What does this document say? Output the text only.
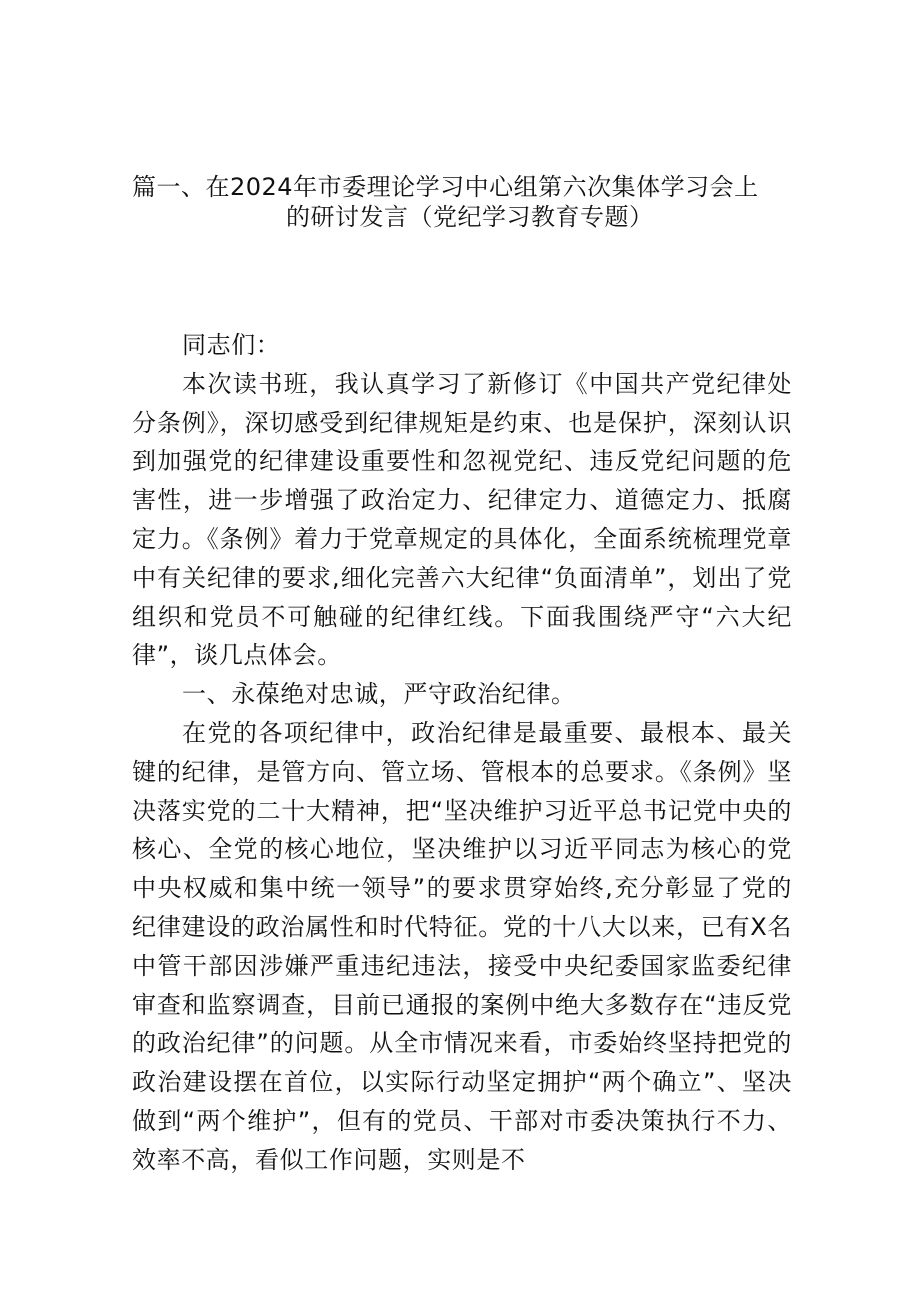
篇一、在2024年市委理论学习中心组第六次集体学习会上
的研讨发言（党纪学习教育专题）

同志们：

本次读书班，我认真学习了新修订《中国共产党纪律处分条例》，深切感受到纪律规矩是约束、也是保护，深刻认识到加强党的纪律建设重要性和忽视党纪、违反党纪问题的危害性，进一步增强了政治定力、纪律定力、道德定力、抵腐定力。《条例》着力于党章规定的具体化，全面系统梳理党章中有关纪律的要求,细化完善六大纪律“负面清单”，划出了党组织和党员不可触碰的纪律红线。下面我围绕严守“六大纪律”，谈几点体会。

一、永葆绝对忠诚，严守政治纪律。

在党的各项纪律中，政治纪律是最重要、最根本、最关键的纪律，是管方向、管立场、管根本的总要求。《条例》坚决落实党的二十大精神，把“坚决维护习近平总书记党中央的核心、全党的核心地位，坚决维护以习近平同志为核心的党中央权威和集中统一领导”的要求贯穿始终,充分彰显了党的纪律建设的政治属性和时代特征。党的十八大以来，已有X名中管干部因涉嫌严重违纪违法，接受中央纪委国家监委纪律审查和监察调查，目前已通报的案例中绝大多数存在“违反党的政治纪律”的问题。从全市情况来看，市委始终坚持把党的政治建设摆在首位，以实际行动坚定拥护“两个确立”、坚决做到“两个维护”，但有的党员、干部对市委决策执行不力、效率不高，看似工作问题，实则是不
